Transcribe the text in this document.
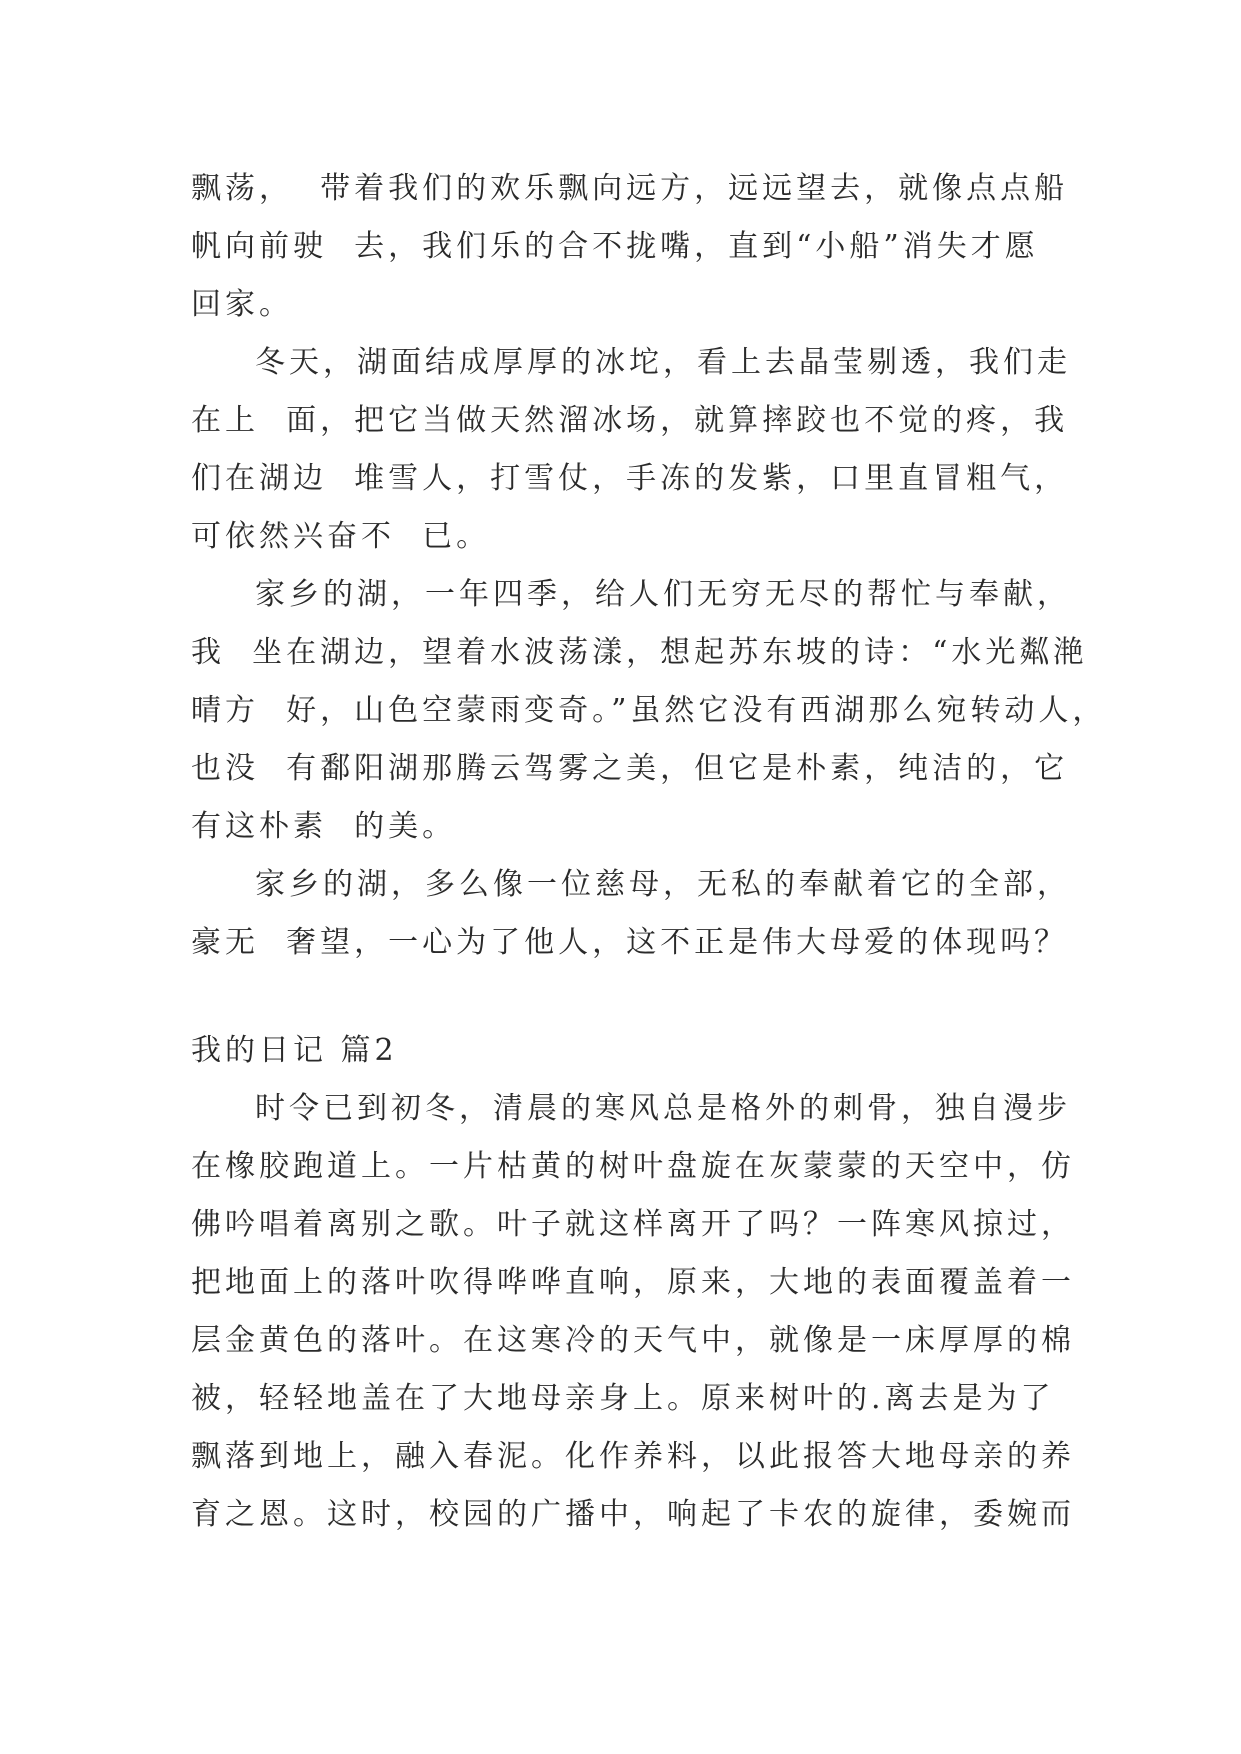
飘荡，  带着我们的欢乐飘向远方，远远望去，就像点点船
帆向前驶  去，我们乐的合不拢嘴，直到“小船”消失才愿
回家。
冬天，湖面结成厚厚的冰坨，看上去晶莹剔透，我们走
在上  面，把它当做天然溜冰场，就算摔跤也不觉的疼，我
们在湖边  堆雪人，打雪仗，手冻的发紫，口里直冒粗气，
可依然兴奋不  已。
家乡的湖，一年四季，给人们无穷无尽的帮忙与奉献，
我  坐在湖边，望着水波荡漾，想起苏东坡的诗：“水光粼滟
晴方  好，山色空蒙雨变奇。”虽然它没有西湖那么宛转动人，
也没  有鄱阳湖那腾云驾雾之美，但它是朴素，纯洁的，它
有这朴素  的美。
家乡的湖，多么像一位慈母，无私的奉献着它的全部，
豪无  奢望，一心为了他人，这不正是伟大母爱的体现吗？
我的日记 篇2
时令已到初冬，清晨的寒风总是格外的刺骨，独自漫步
在橡胶跑道上。一片枯黄的树叶盘旋在灰蒙蒙的天空中，仿
佛吟唱着离别之歌。叶子就这样离开了吗？一阵寒风掠过，
把地面上的落叶吹得哗哗直响，原来，大地的表面覆盖着一
层金黄色的落叶。在这寒冷的天气中，就像是一床厚厚的棉
被，轻轻地盖在了大地母亲身上。原来树叶的.离去是为了
飘落到地上，融入春泥。化作养料，以此报答大地母亲的养
育之恩。这时，校园的广播中，响起了卡农的旋律，委婉而
